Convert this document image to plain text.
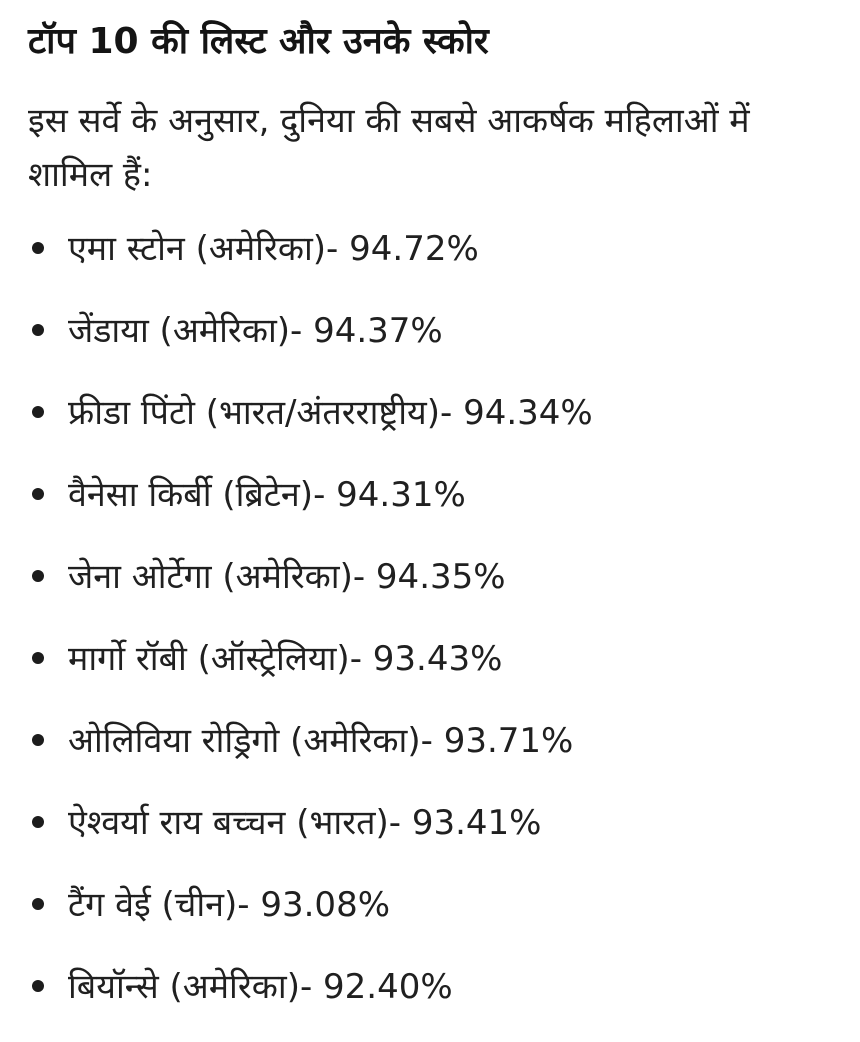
टॉप 10 की लिस्ट और उनके स्कोर

इस सर्वे के अनुसार, दुनिया की सबसे आकर्षक महिलाओं में शामिल हैं:

एमा स्टोन (अमेरिका)- 94.72%
जेंडाया (अमेरिका)- 94.37%
फ्रीडा पिंटो (भारत/अंतरराष्ट्रीय)- 94.34%
वैनेसा किर्बी (ब्रिटेन)- 94.31%
जेना ओर्टेगा (अमेरिका)- 94.35%
मार्गो रॉबी (ऑस्ट्रेलिया)- 93.43%
ओलिविया रोड्रिगो (अमेरिका)- 93.71%
ऐश्वर्या राय बच्चन (भारत)- 93.41%
टैंग वेई (चीन)- 93.08%
बियॉन्से (अमेरिका)- 92.40%
